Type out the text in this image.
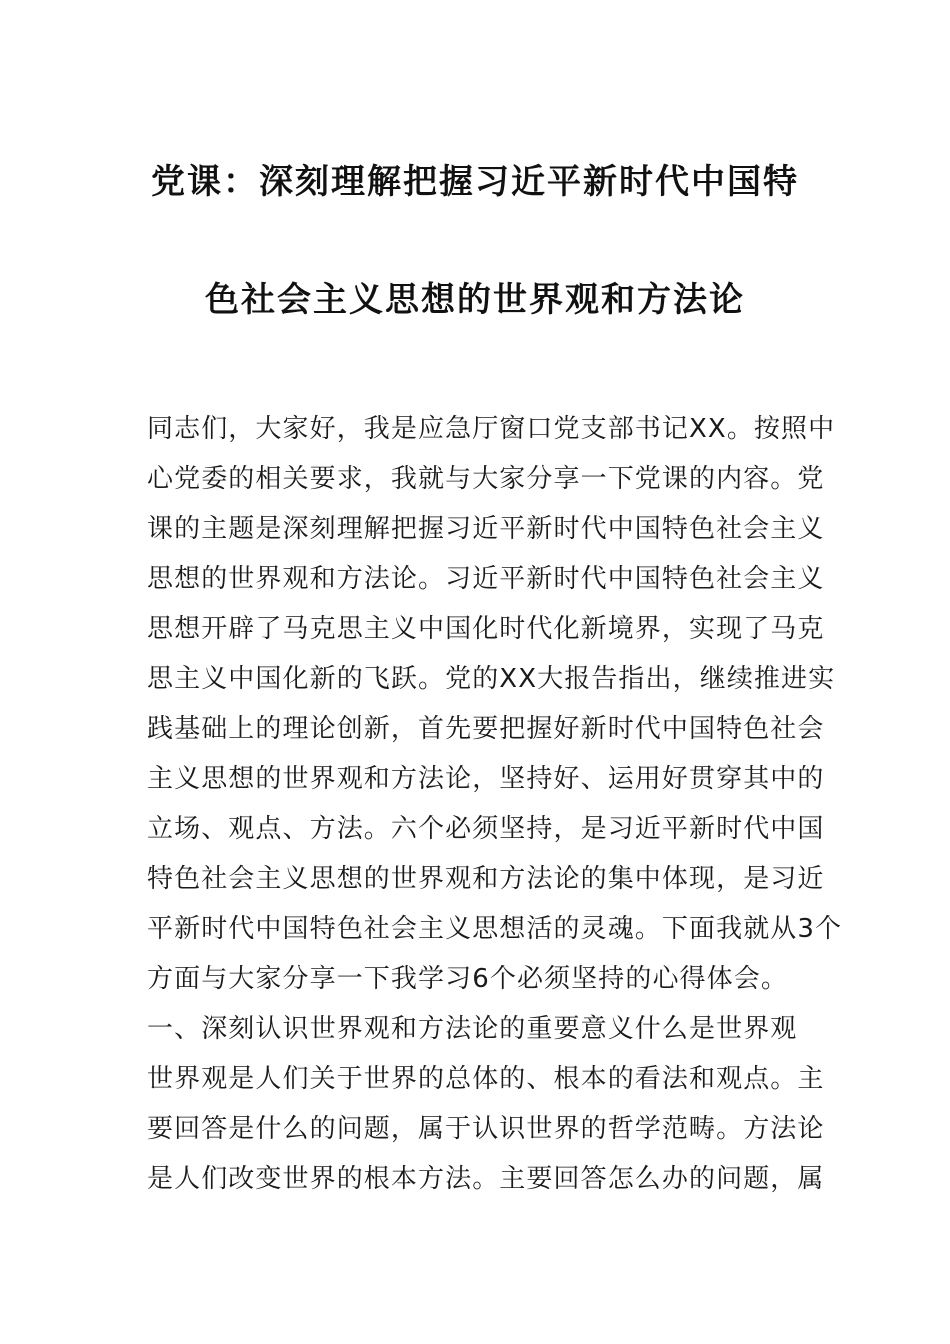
党课：深刻理解把握习近平新时代中国特
色社会主义思想的世界观和方法论
同志们，大家好，我是应急厅窗口党支部书记XX。按照中
心党委的相关要求，我就与大家分享一下党课的内容。党
课的主题是深刻理解把握习近平新时代中国特色社会主义
思想的世界观和方法论。习近平新时代中国特色社会主义
思想开辟了马克思主义中国化时代化新境界，实现了马克
思主义中国化新的飞跃。党的XX大报告指出，继续推进实
践基础上的理论创新，首先要把握好新时代中国特色社会
主义思想的世界观和方法论，坚持好、运用好贯穿其中的
立场、观点、方法。六个必须坚持，是习近平新时代中国
特色社会主义思想的世界观和方法论的集中体现，是习近
平新时代中国特色社会主义思想活的灵魂。下面我就从3个
方面与大家分享一下我学习6个必须坚持的心得体会。
一、深刻认识世界观和方法论的重要意义什么是世界观
世界观是人们关于世界的总体的、根本的看法和观点。主
要回答是什么的问题，属于认识世界的哲学范畴。方法论
是人们改变世界的根本方法。主要回答怎么办的问题，属
